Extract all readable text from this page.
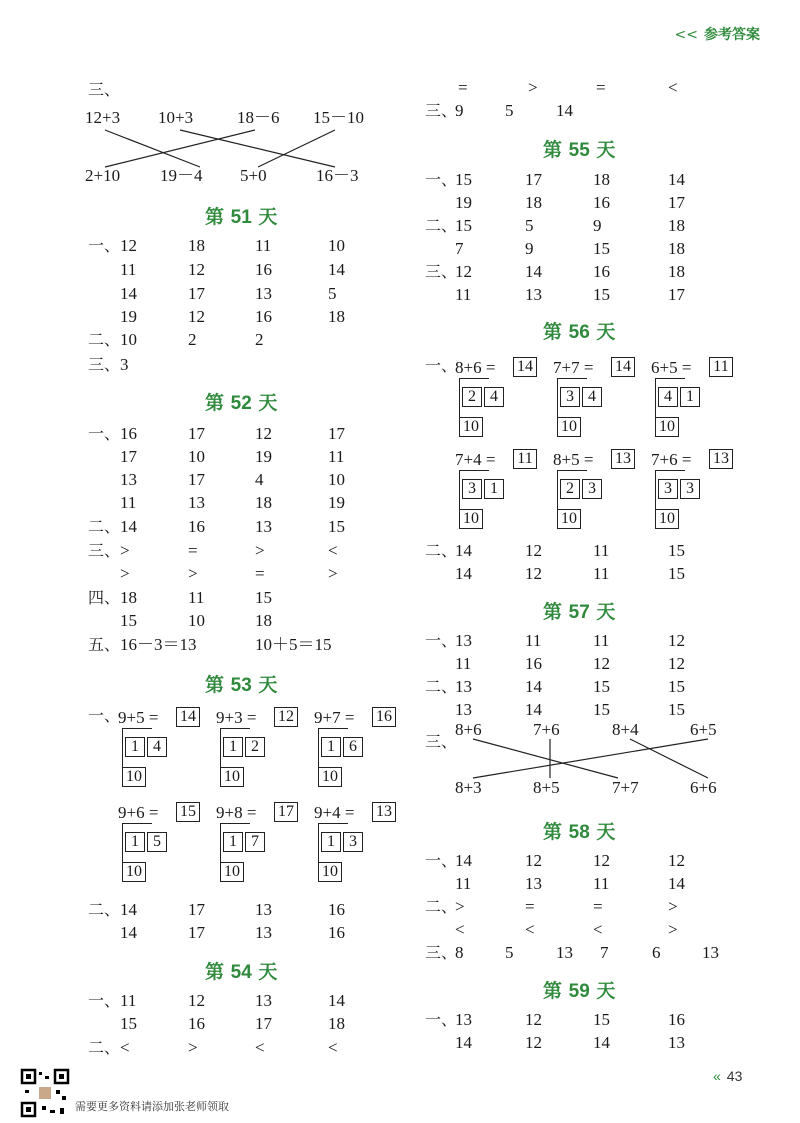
<< 参考答案
三、
12+3 10+3	18－6 15－10
2+10 19－4 5+0	16－3
第 51 天
一、 12	18	11	10
11	12	16	14
14	17	13	5
19	12	16	18
二、 10	2	2
三、 3
第 52 天
一、 16	17	12	17
17	10	19	11
13	17	4	10
11	13	18	19
二、 14	16	13	15
三、 >	=	>	<
>	>	=	>
四、 18	11	15
15	10	18
五、 16－3＝13	10＋5＝15
第 53 天
一、
9+5 = 14
1 4
10
9+3 = 12
1 2
10
9+7 = 16
1 6
10
9+6 = 15
1 5
10
9+8 = 17
1 7
10
9+4 = 13
1 3
10
二、 14	17	13	16
14	17	13	16
第 54 天
一、 11	12	13	14
15	16	17	18
二、 <	>	<	<
=	>	=	<
三、
9 5	14
第 55 天
一、
15	17	18	14
19	18	16	17
二、
15	5	9	18
7	9	15	18
三、
12	14	16	18
11	13	15	17
第 56 天
一、
8+6 = 14
2 4
10
7+7 = 14
3 4
10
6+5 = 11
4 1
10
7+4 = 11
3 1
10
8+5 = 13
2 3
10
7+6 = 13
3 3
10
二、
14	12	11	15
14	12	11	15
第 57 天
一、
13	11	11	12
11	16	12	12
二、
13	14	15	15
13	14	15	15
三、
8+6	7+6	8+4	6+5
8+3	8+5	7+7	6+6
第 58 天
一、
14	12	12	12
11	13	11	14
二、
>	=	=	>
<	<	<	>
三、
8 5	13 7	6 13
第 59 天
一、
13	12	15	16
14	12	14	13
需要更多资料请添加张老师领取
« 43
